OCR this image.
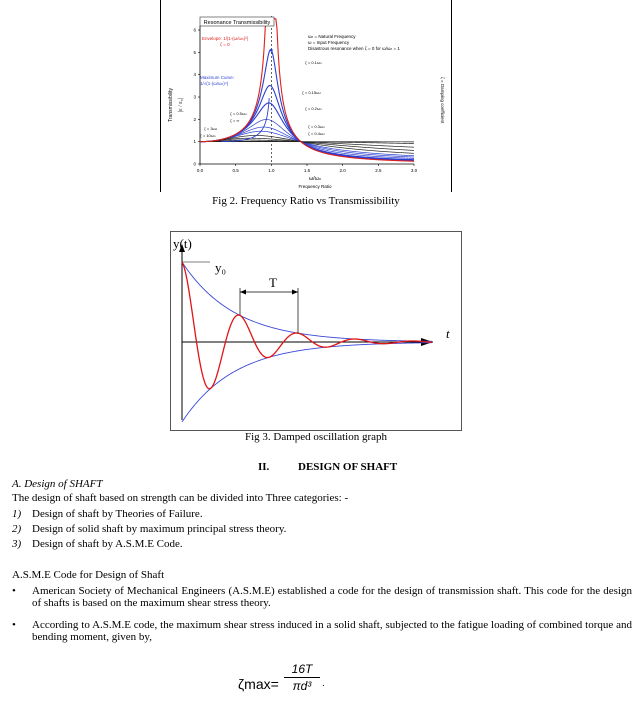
0.0	0.5	1.0	1.5	2.0	2.5	3.0
0
1
2
3
4
5
6
Resonance Transmissibility
Transmissibility |ε / ε₀|	ζ = Damping coefficient
ω/ωₙ
Frequency Ratio
ωₙ = Natural Frequency
ω = Input Frequency
Disastrous resonance when ζ = 0 for ω/ωₙ = 1
Envelope: 1/|1-(ω/ωₙ)²|
ζ = 0
Maximum Curve:
1/√(1-(ω/ωₙ)⁴)
ζ = 0.1ωₙ
ζ = 0.15ωₙ
ζ = 0.2ωₙ
ζ = 0.3ωₙ
ζ = 0.4ωₙ
ζ = 0.5ωₙ
ζ = ∞
ζ = 3ωₙ
ζ = 10ωₙ
Fig 2. Frequency Ratio vs Transmissibility
y(t)
y₀
T
t
Fig 3. Damped oscillation graph
II.	DESIGN OF SHAFT
A. Design of SHAFT
The design of shaft based on strength can be divided into Three categories: -
1) Design of shaft by Theories of Failure.
2) Design of solid shaft by maximum principal stress theory.
3) Design of shaft by A.S.M.E Code.
A.S.M.E Code for Design of Shaft
• American Society of Mechanical Engineers (A.S.M.E) established a code for the design of transmission shaft. This code for the design of shafts is based on the maximum shear stress theory.
• According to A.S.M.E code, the maximum shear stress induced in a solid shaft, subjected to the fatigue loading of combined torque and bending moment, given by,
$\zeta\max= \frac{16T}{\text{πd³}}$ .
